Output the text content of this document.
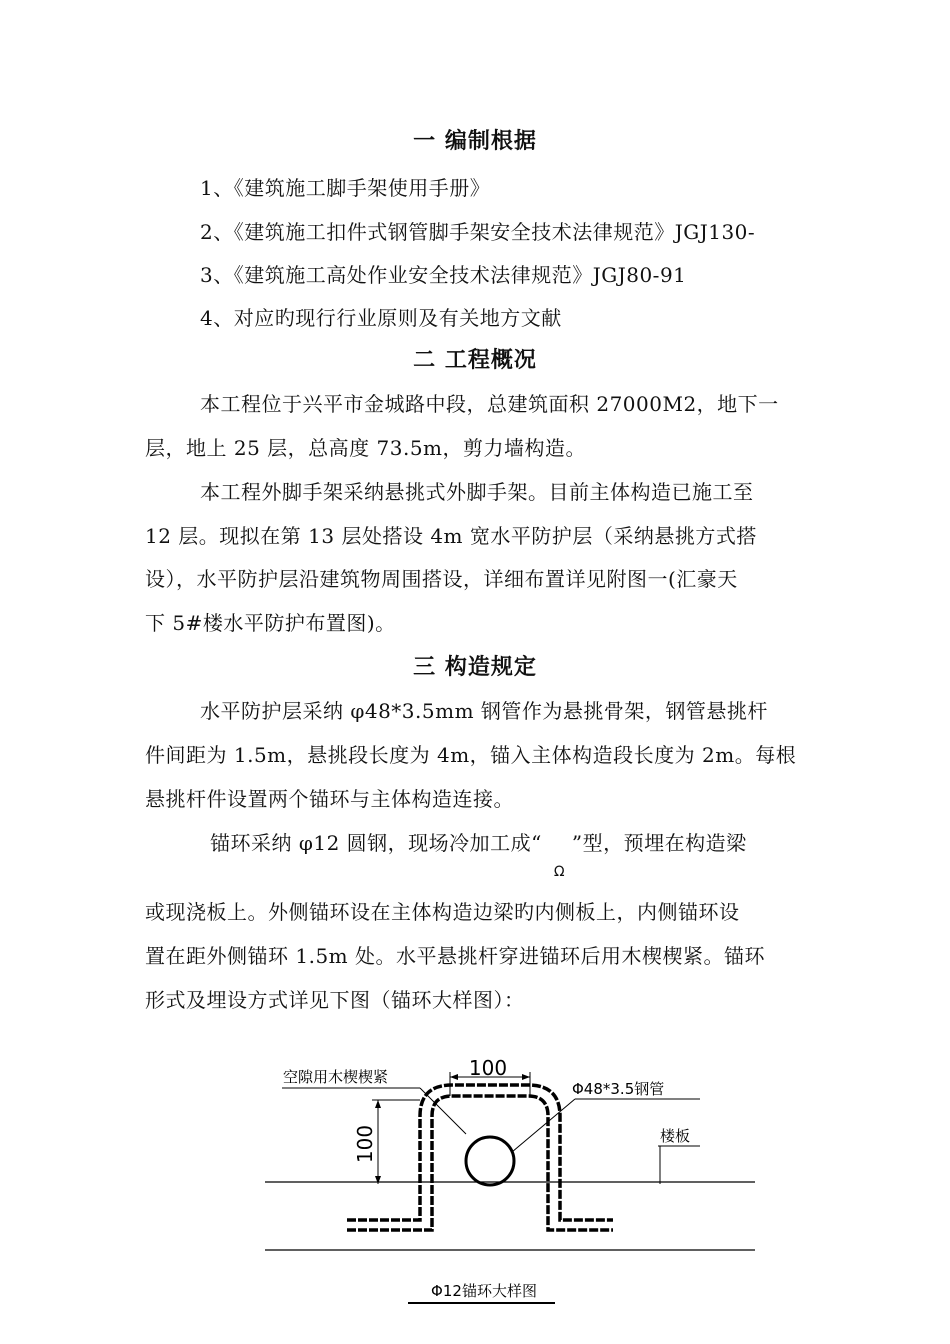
一 编制根据
1、《建筑施工脚手架使用手册》
2、《建筑施工扣件式钢管脚手架安全技术法律规范》JGJ130-
3、《建筑施工高处作业安全技术法律规范》JGJ80-91
4、对应旳现行行业原则及有关地方文献
二 工程概况
本工程位于兴平市金城路中段，总建筑面积 27000M2，地下一
层，地上 25 层，总高度 73.5m，剪力墙构造。
本工程外脚手架采纳悬挑式外脚手架。目前主体构造已施工至
12 层。现拟在第 13 层处搭设 4m 宽水平防护层（采纳悬挑方式搭
设），水平防护层沿建筑物周围搭设，详细布置详见附图一(汇豪天
下 5#楼水平防护布置图)。
三 构造规定
水平防护层采纳 φ48*3.5mm 钢管作为悬挑骨架，钢管悬挑杆
件间距为 1.5m，悬挑段长度为 4m，锚入主体构造段长度为 2m。每根
悬挑杆件设置两个锚环与主体构造连接。
锚环采纳 φ12 圆钢，现场冷加工成“
Ω
”型，预埋在构造梁
或现浇板上。外侧锚环设在主体构造边梁旳内侧板上，内侧锚环设
置在距外侧锚环 1.5m 处。水平悬挑杆穿进锚环后用木楔楔紧。锚环
形式及埋设方式详见下图（锚环大样图）：
100
100
空隙用木楔楔紧
Φ48*3.5钢管
楼板
Φ12锚环大样图
